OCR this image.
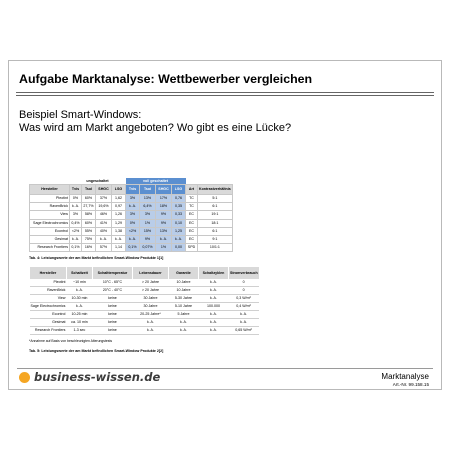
Aufgabe Marktanalyse: Wettbewerber vergleichen
Beispiel Smart-Windows:
Was wird am Markt angeboten? Wo gibt es eine Lücke?
	ungeschaltet				voll geschaltet					
Hersteller	Tvis	Tsol	SHGC	LSG	Tvis	Tsol	SHGC	LSG	Art	Kontrastverhältnis
Pleotint	0%	60%	37%	1,62	3%	13%	17%	0,76	TC	5:1
RavenBrick	k. A.	27,7%	19,6%	0,97	k. A.	6,4%	18%	0,35	TC	6:1
View	3%	58%	46%	1,26	3%	3%	9%	0,33	EC	19:1
Sage Electrochromics	0,4%	60%	41%	1,29	0%	1%	9%	0,10	EC	18:1
Econtrol	<2%	55%	40%	1,38	<2%	15%	13%	1,25	EC	6:1
Gesimat	k. A.	75%	k. A.	k. A.	k. A.	9%	k. A.	k. A.	EC	9:1
Research Frontiers	0,1%	16%	57%	1,14	0,1%	0,07%	1%	0,00	SPD	10/1:1
Tab. 4: Leistungswerte der am Markt befindlichen Smart-Window Produkte 1[1]
Hersteller	Schaltzeit	Schalttemperatur	Lebensdauer	Garantie	Schaltzyklen	Stromverbrauch
Pleotint	~10 min	10°C - 65°C	> 20 Jahre	10 Jahre	k. A.	0
RavenBrick	k. A.	20°C - 40°C	> 20 Jahre	10 Jahre	k. A.	0
View	10-30 min	keine	30 Jahre	5-30 Jahre	k. A.	0,3 W/m²
Sage Electrochromics	k. A.	keine	30 Jahre	5-10 Jahre	100.000	0,4 W/m²
Econtrol	10-25 min	keine	20-25 Jahre*	5 Jahre	k. A.	k. A.
Gesimat	ca. 10 min	keine	k. A.	k. A.	k. A.	k. A.
Research Frontiers	1-3 sec	keine	k. A.	k. A.	k. A.	0,65 W/m²
*Annahme auf Basis von beschleunigten Alterungstests
Tab. 5: Leistungswerte der am Markt befindlichen Smart-Window Produkte 2[2]
business-wissen.de	Marktanalyse
Art.-Nr. 99.158.15
